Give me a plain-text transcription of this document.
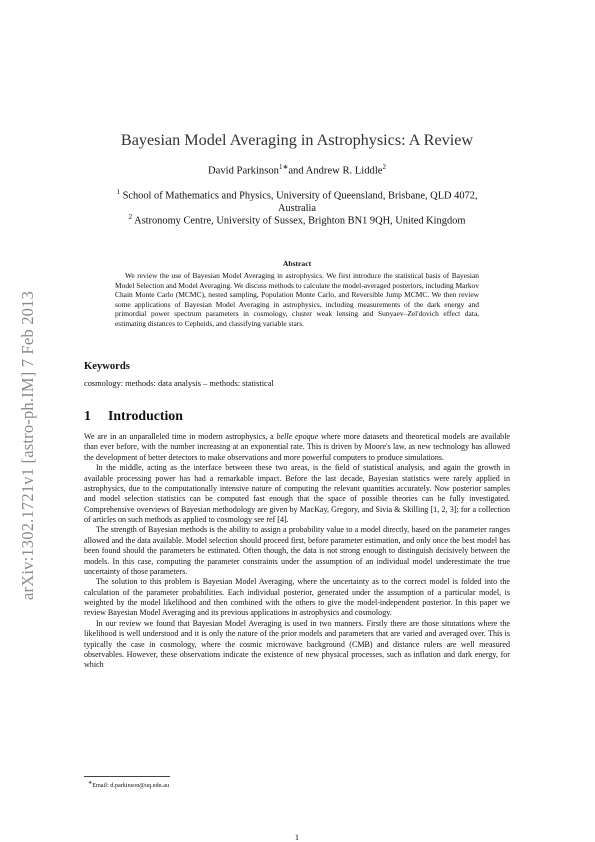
arXiv:1302.1721v1 [astro-ph.IM] 7 Feb 2013
Bayesian Model Averaging in Astrophysics: A Review
David Parkinson$^{1∗}$and Andrew R. Liddle$^2$
$^1$ School of Mathematics and Physics, University of Queensland, Brisbane, QLD 4072,
Australia
$^2$ Astronomy Centre, University of Sussex, Brighton BN1 9QH, United Kingdom
Abstract
We review the use of Bayesian Model Averaging in astrophysics. We first introduce the statistical basis of Bayesian Model Selection and Model Averaging. We discuss methods to calculate the model-averaged posteriors, including Markov Chain Monte Carlo (MCMC), nested sampling, Population Monte Carlo, and Reversible Jump MCMC. We then review some applications of Bayesian Model Averaging in astrophysics, including measurements of the dark energy and primordial power spectrum parameters in cosmology, cluster weak lensing and Sunyaev–Zel'dovich effect data, estimating distances to Cepheids, and classifying variable stars.
Keywords
cosmology: methods: data analysis – methods: statistical
1 Introduction

We are in an unparalleled time in modern astrophysics, a belle epoque where more datasets and theoretical models are available than ever before, with the number increasing at an exponential rate. This is driven by Moore's law, as new technology has allowed the development of better detectors to make observations and more powerful computers to produce simulations.

In the middle, acting as the interface between these two areas, is the field of statistical analysis, and again the growth in available processing power has had a remarkable impact. Before the last decade, Bayesian statistics were rarely applied in astrophysics, due to the computationally intensive nature of computing the relevant quantities accurately. Now posterior samples and model selection statistics can be computed fast enough that the space of possible theories can be fully investigated. Comprehensive overviews of Bayesian methodology are given by MacKay, Gregory, and Sivia & Skilling [1, 2, 3]; for a collection of articles on such methods as applied to cosmology see ref [4].

The strength of Bayesian methods is the ability to assign a probability value to a model directly, based on the parameter ranges allowed and the data available. Model selection should proceed first, before parameter estimation, and only once the best model has been found should the parameters be estimated. Often though, the data is not strong enough to distinguish decisively between the models. In this case, computing the parameter constraints under the assumption of an individual model underestimate the true uncertainty of those parameters.

The solution to this problem is Bayesian Model Averaging, where the uncertainty as to the correct model is folded into the calculation of the parameter probabilities. Each individual posterior, generated under the assumption of a particular model, is weighted by the model likelihood and then combined with the others to give the model-independent posterior. In this paper we review Bayesian Model Averaging and its previous applications in astrophysics and cosmology.

In our review we found that Bayesian Model Averaging is used in two manners. Firstly there are those situtations where the likelihood is well understood and it is only the nature of the prior models and parameters that are varied and averaged over. This is typically the case in cosmology, where the cosmic microwave background (CMB) and distance rulers are well measured observables. However, these observations indicate the existence of new physical processes, such as inflation and dark energy, for which

∗Email: d.parkinson@uq.edu.au
1
